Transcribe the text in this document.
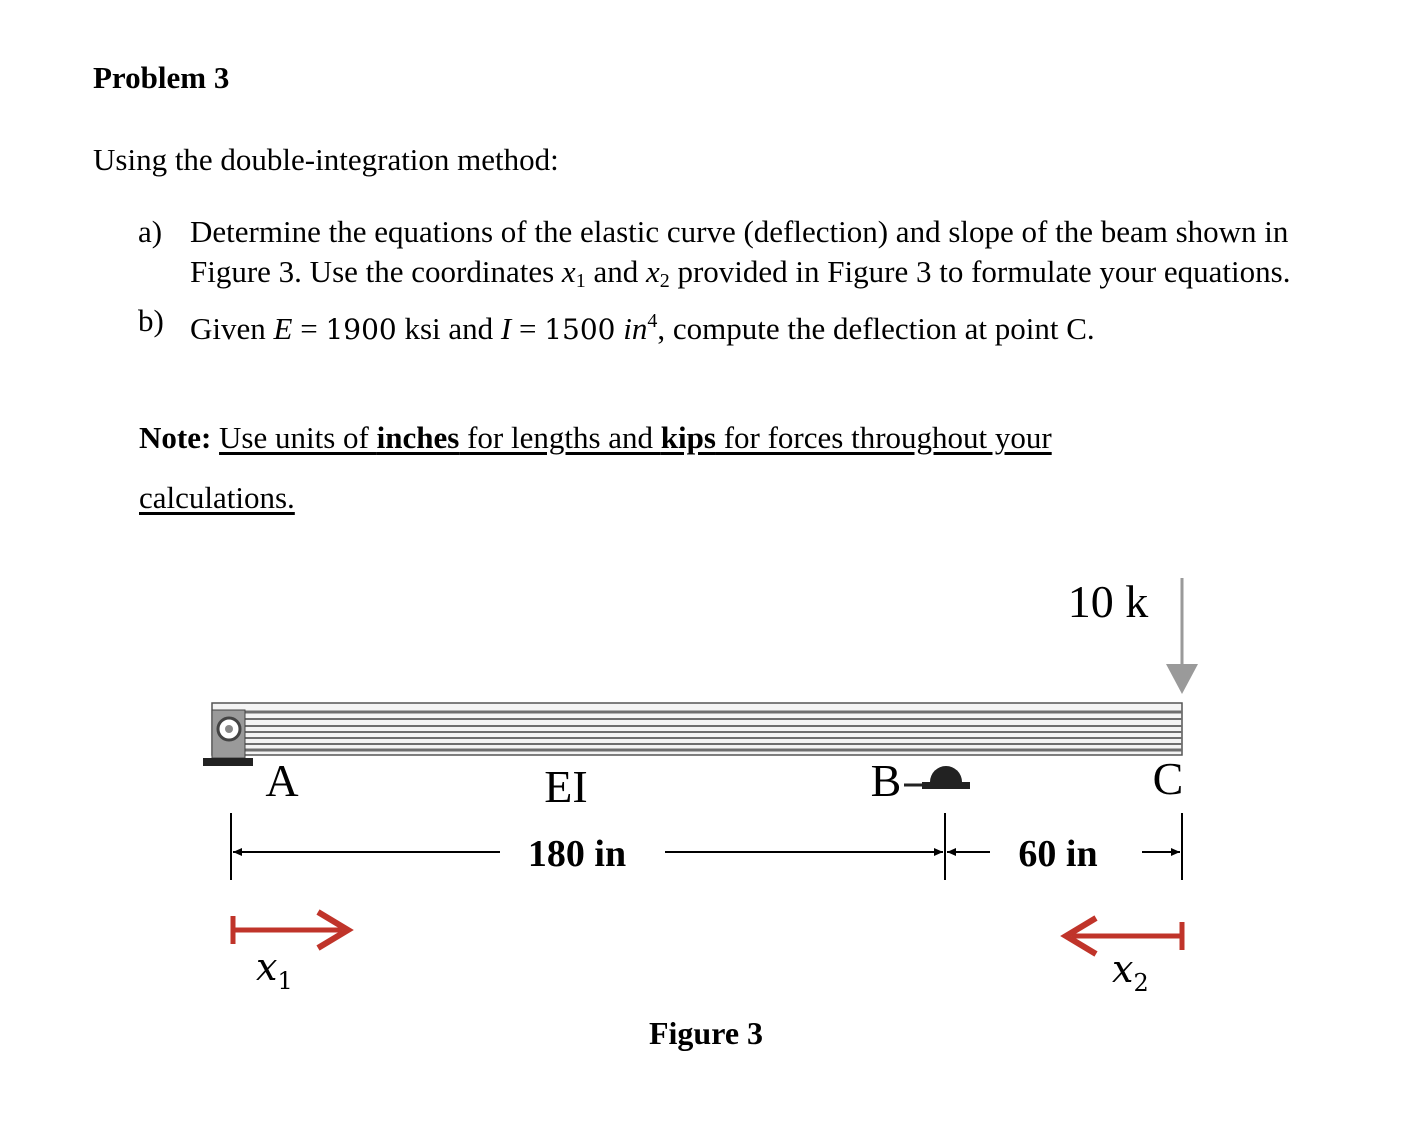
Problem 3

Using the double-integration method:

a) Determine the equations of the elastic curve (deflection) and slope of the beam shown in Figure 3. Use the coordinates $x_1$ and $x_2$ provided in Figure 3 to formulate your equations.
b) Given E = 1900 ksi and I = 1500 $in^4$, compute the deflection at point C.
Note: Use units of inches for lengths and kips for forces throughout your calculations.
10 k
A	EI	B	C
180 in	60 in
$x_1$	$x_2$
Figure 3
